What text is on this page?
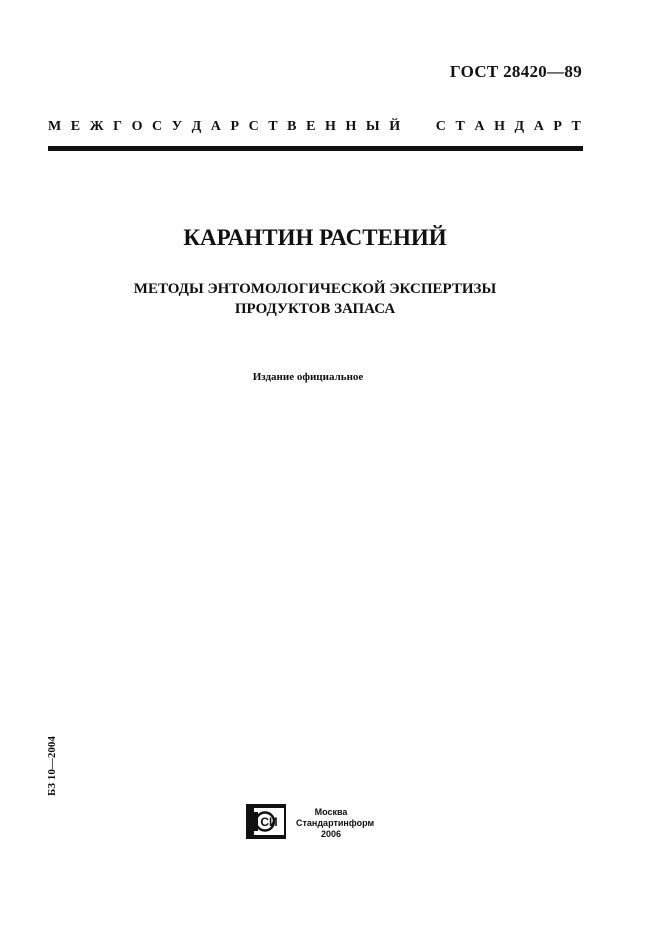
ГОСТ 28420—89
М Е Ж Г О С У Д А Р С Т В Е Н Н Ы Й

	С Т А Н Д А Р Т
КАРАНТИН РАСТЕНИЙ
МЕТОДЫ ЭНТОМОЛОГИЧЕСКОЙ ЭКСПЕРТИЗЫ
ПРОДУКТОВ ЗАПАСА
Издание официальное
БЗ 10—2004
СИ
Москва
Стандартинформ
2006
